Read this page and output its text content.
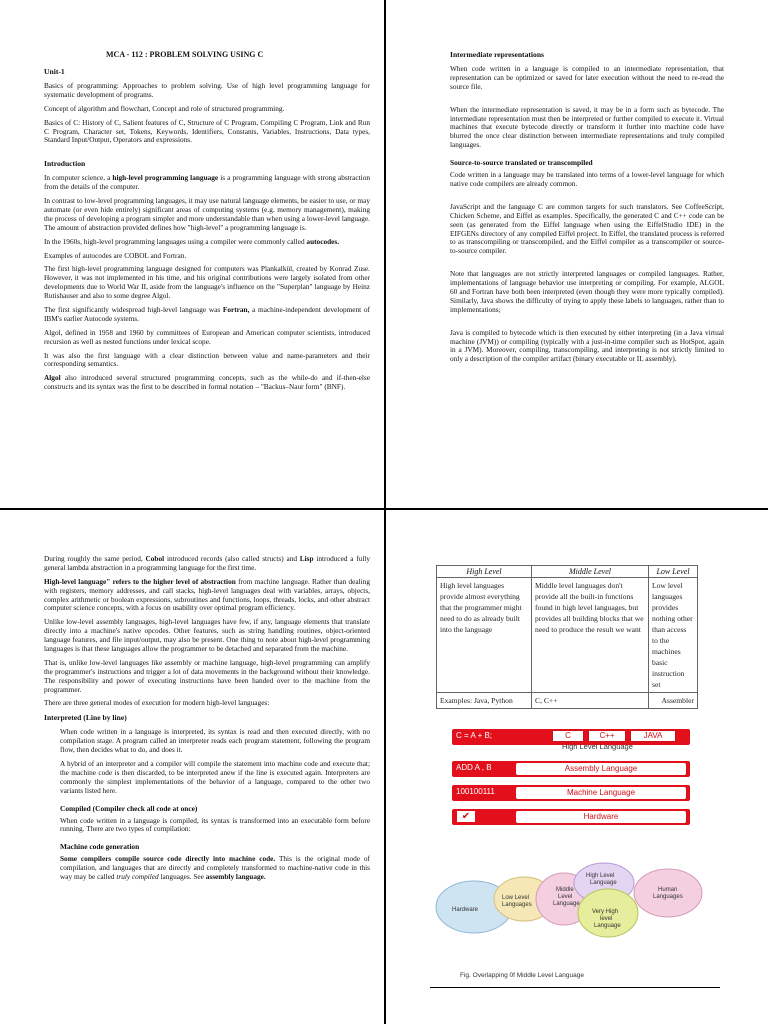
MCA - 112 : PROBLEM SOLVING USING C
Unit-1

Basics of programming: Approaches to problem solving. Use of high level programming language for systematic development of programs.

Concept of algorithm and flowchart, Concept and role of structured programming.

Basics of C: History of C, Salient features of C, Structure of C Program, Compiling C Program, Link and Run C Program, Character set, Tokens, Keywords, Identifiers, Constants, Variables, Instructions, Data types, Standard Input/Output, Operators and expressions.

Introduction

In computer science, a high-level programming language is a programming language with strong abstraction from the details of the computer.

In contrast to low-level programming languages, it may use natural language elements, be easier to use, or may automate (or even hide entirely) significant areas of computing systems (e.g. memory management), making the process of developing a program simpler and more understandable than when using a lower-level language. The amount of abstraction provided defines how "high-level" a programming language is.

In the 1960s, high-level programming languages using a compiler were commonly called autocodes.

Examples of autocodes are COBOL and Fortran.

The first high-level programming language designed for computers was Plankalkül, created by Konrad Zuse. However, it was not implemented in his time, and his original contributions were largely isolated from other developments due to World War II, aside from the language's influence on the "Superplan" language by Heinz Rutishauser and also to some degree Algol.

The first significantly widespread high-level language was Fortran, a machine-independent development of IBM's earlier Autocode systems.

Algol, defined in 1958 and 1960 by committees of European and American computer scientists, introduced recursion as well as nested functions under lexical scope.

It was also the first language with a clear distinction between value and name-parameters and their corresponding semantics.

Algol also introduced several structured programming concepts, such as the while-do and if-then-else constructs and its syntax was the first to be described in formal notation – "Backus–Naur form" (BNF).

Intermediate representations

When code written in a language is compiled to an intermediate representation, that representation can be optimized or saved for later execution without the need to re-read the source file.

When the intermediate representation is saved, it may be in a form such as bytecode. The intermediate representation must then be interpreted or further compiled to execute it. Virtual machines that execute bytecode directly or transform it further into machine code have blurred the once clear distinction between intermediate representations and truly compiled languages.

Source-to-source translated or transcompiled

Code written in a language may be translated into terms of a lower-level language for which native code compilers are already common.

JavaScript and the language C are common targets for such translators. See CoffeeScript, Chicken Scheme, and Eiffel as examples. Specifically, the generated C and C++ code can be seen (as generated from the Eiffel language when using the EiffelStudio IDE) in the EIFGENs directory of any compiled Eiffel project. In Eiffel, the translated process is referred to as transcompiling or transcompiled, and the Eiffel compiler as a transcompiler or source-to-source compiler.

Note that languages are not strictly interpreted languages or compiled languages. Rather, implementations of language behavior use interpreting or compiling. For example, ALGOL 60 and Fortran have both been interpreted (even though they were more typically compiled). Similarly, Java shows the difficulty of trying to apply these labels to languages, rather than to implementations;

Java is compiled to bytecode which is then executed by either interpreting (in a Java virtual machine (JVM)) or compiling (typically with a just-in-time compiler such as HotSpot, again in a JVM). Moreover, compiling, transcompiling, and interpreting is not strictly limited to only a description of the compiler artifact (binary executable or IL assembly).

During roughly the same period, Cobol introduced records (also called structs) and Lisp introduced a fully general lambda abstraction in a programming language for the first time.

High-level language" refers to the higher level of abstraction from machine language. Rather than dealing with registers, memory addresses, and call stacks, high-level languages deal with variables, arrays, objects, complex arithmetic or boolean expressions, subroutines and functions, loops, threads, locks, and other abstract computer science concepts, with a focus on usability over optimal program efficiency.

Unlike low-level assembly languages, high-level languages have few, if any, language elements that translate directly into a machine's native opcodes. Other features, such as string handling routines, object-oriented language features, and file input/output, may also be present. One thing to note about high-level programming languages is that these languages allow the programmer to be detached and separated from the machine.

That is, unlike low-level languages like assembly or machine language, high-level programming can amplify the programmer's instructions and trigger a lot of data movements in the background without their knowledge. The responsibility and power of executing instructions have been handed over to the machine from the programmer.

There are three general modes of execution for modern high-level languages:

Interpreted (Line by line)

When code written in a language is interpreted, its syntax is read and then executed directly, with no compilation stage. A program called an interpreter reads each program statement, following the program flow, then decides what to do, and does it.

A hybrid of an interpreter and a compiler will compile the statement into machine code and execute that; the machine code is then discarded, to be interpreted anew if the line is executed again. Interpreters are commonly the simplest implementations of the behavior of a language, compared to the other two variants listed here.

Compiled (Compiler check all code at once)

When code written in a language is compiled, its syntax is transformed into an executable form before running. There are two types of compilation:

Machine code generation

Some compilers compile source code directly into machine code. This is the original mode of compilation, and languages that are directly and completely transformed to machine-native code in this way may be called truly compiled languages. See assembly language.

High Level	Middle Level	Low Level
High level languages provide almost everything that the programmer might need to do as already built into the language	Middle level languages don't provide all the built-in functions found in high level languages, but provides all building blocks that we need to produce the result we want	Low level languages provides nothing other than access to the machines basic instruction set
Examples: Java, Python	C, C++	Assembler
C = A + B;	C	C++	JAVA
High Level Language
ADD A , B	Assembly Language
100100111	Machine Language
✔	Hardware
Hardware
Low Level
Languages
Middle
Level
Language
High Level
Language
Human
Languages
Very High
level
Language
Fig. Overlapping 0f Middle Level Language
